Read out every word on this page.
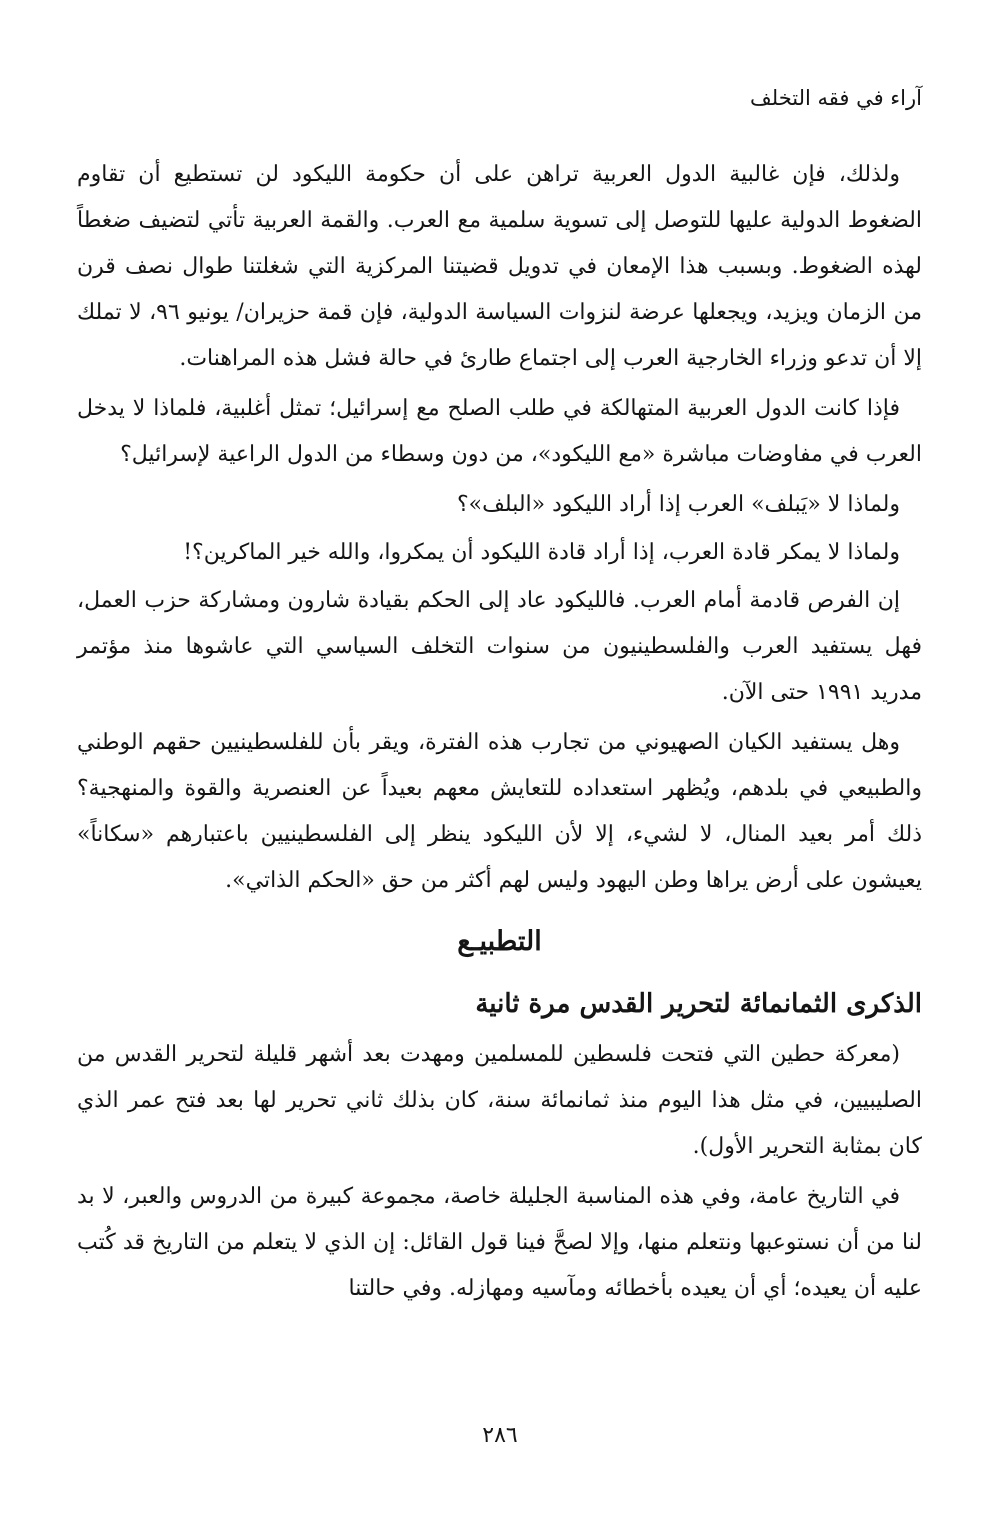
آراء في فقه التخلف

ولذلك، فإن غالبية الدول العربية تراهن على أن حكومة الليكود لن تستطيع أن تقاوم الضغوط الدولية عليها للتوصل إلى تسوية سلمية مع العرب. والقمة العربية تأتي لتضيف ضغطاً لهذه الضغوط. وبسبب هذا الإمعان في تدويل قضيتنا المركزية التي شغلتنا طوال نصف قرن من الزمان ويزيد، ويجعلها عرضة لنزوات السياسة الدولية، فإن قمة حزيران/ يونيو ٩٦، لا تملك إلا أن تدعو وزراء الخارجية العرب إلى اجتماع طارئ في حالة فشل هذه المراهنات.

فإذا كانت الدول العربية المتهالكة في طلب الصلح مع إسرائيل؛ تمثل أغلبية، فلماذا لا يدخل العرب في مفاوضات مباشرة «مع الليكود»، من دون وسطاء من الدول الراعية لإسرائيل؟

ولماذا لا «يَبلف» العرب إذا أراد الليكود «البلف»؟

ولماذا لا يمكر قادة العرب، إذا أراد قادة الليكود أن يمكروا، والله خير الماكرين؟!

إن الفرص قادمة أمام العرب. فالليكود عاد إلى الحكم بقيادة شارون ومشاركة حزب العمل، فهل يستفيد العرب والفلسطينيون من سنوات التخلف السياسي التي عاشوها منذ مؤتمر مدريد ١٩٩١ حتى الآن.

وهل يستفيد الكيان الصهيوني من تجارب هذه الفترة، ويقر بأن للفلسطينيين حقهم الوطني والطبيعي في بلدهم، ويُظهر استعداده للتعايش معهم بعيداً عن العنصرية والقوة والمنهجية؟ ذلك أمر بعيد المنال، لا لشيء، إلا لأن الليكود ينظر إلى الفلسطينيين باعتبارهم «سكاناً» يعيشون على أرض يراها وطن اليهود وليس لهم أكثر من حق «الحكم الذاتي».

التطبيـع
الذكرى الثمانمائة لتحرير القدس مرة ثانية

(معركة حطين التي فتحت فلسطين للمسلمين ومهدت بعد أشهر قليلة لتحرير القدس من الصليبيين، في مثل هذا اليوم منذ ثمانمائة سنة، كان بذلك ثاني تحرير لها بعد فتح عمر الذي كان بمثابة التحرير الأول).

في التاريخ عامة، وفي هذه المناسبة الجليلة خاصة، مجموعة كبيرة من الدروس والعبر، لا بد لنا من أن نستوعبها ونتعلم منها، وإلا لصحَّ فينا قول القائل: إن الذي لا يتعلم من التاريخ قد كُتب عليه أن يعيده؛ أي أن يعيده بأخطائه ومآسيه ومهازله. وفي حالتنا

٢٨٦
